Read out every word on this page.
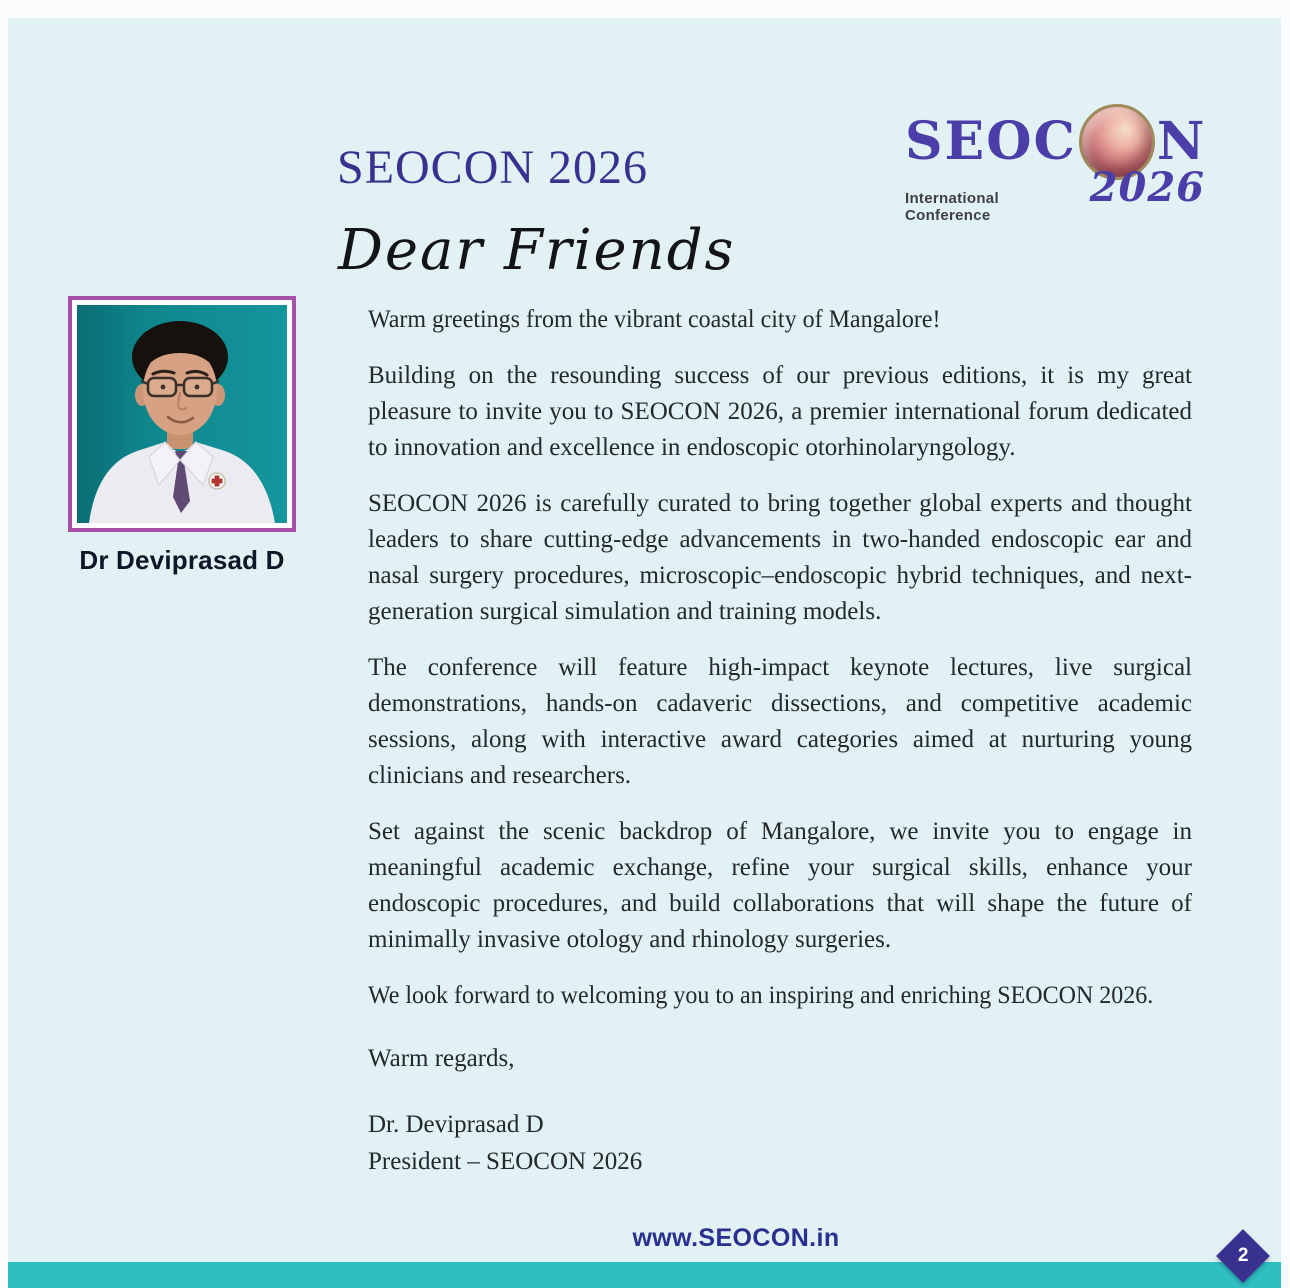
SEOCON 2026	SEOC N
International Conference
2026
Dear Friends
Dr Deviprasad D

Warm greetings from the vibrant coastal city of Mangalore!

Building on the resounding success of our previous editions, it is my great pleasure to invite you to SEOCON 2026, a premier international forum dedicated to innovation and excellence in endoscopic otorhinolaryngology.

SEOCON 2026 is carefully curated to bring together global experts and thought leaders to share cutting-edge advancements in two-handed endoscopic ear and nasal surgery procedures, microscopic–endoscopic hybrid techniques, and next-generation surgical simulation and training models.

The conference will feature high-impact keynote lectures, live surgical demonstrations, hands-on cadaveric dissections, and competitive academic sessions, along with interactive award categories aimed at nurturing young clinicians and researchers.

Set against the scenic backdrop of Mangalore, we invite you to engage in meaningful academic exchange, refine your surgical skills, enhance your endoscopic procedures, and build collaborations that will shape the future of minimally invasive otology and rhinology surgeries.

We look forward to welcoming you to an inspiring and enriching SEOCON 2026.

Warm regards,

Dr. Deviprasad D
President – SEOCON 2026
www.SEOCON.in
2
